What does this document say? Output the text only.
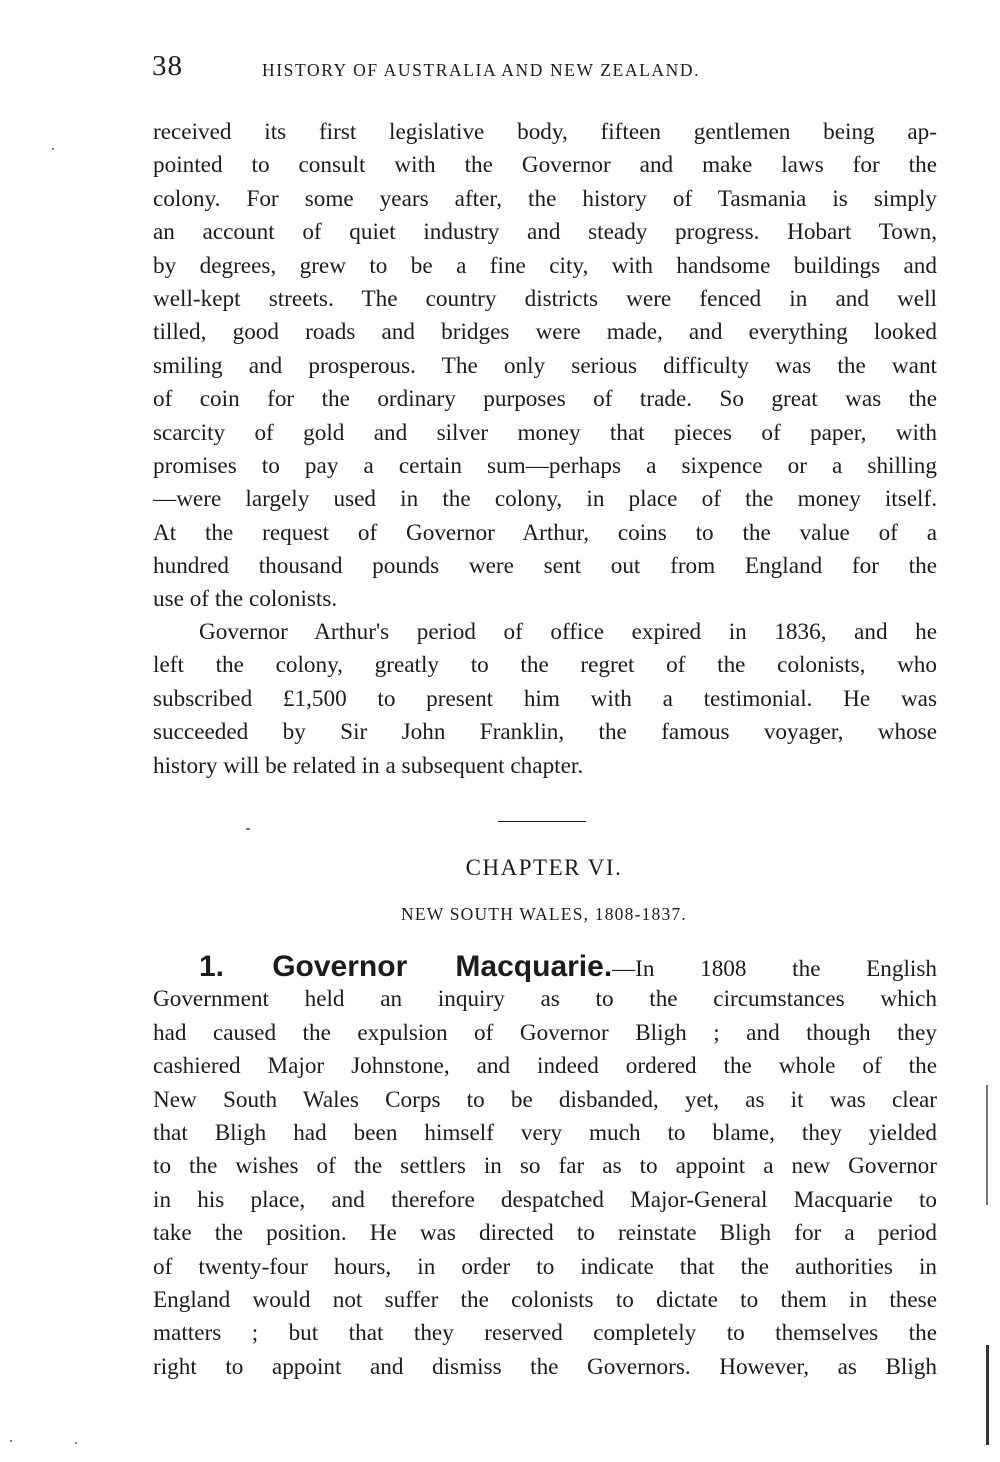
38	HISTORY OF AUSTRALIA AND NEW ZEALAND.
received its first legislative body, fifteen gentlemen being ap-
pointed to consult with the Governor and make laws for the
colony. For some years after, the history of Tasmania is simply
an account of quiet industry and steady progress. Hobart Town,
by degrees, grew to be a fine city, with handsome buildings and
well-kept streets. The country districts were fenced in and well
tilled, good roads and bridges were made, and everything looked
smiling and prosperous. The only serious difficulty was the want
of coin for the ordinary purposes of trade. So great was the
scarcity of gold and silver money that pieces of paper, with
promises to pay a certain sum—perhaps a sixpence or a shilling
—were largely used in the colony, in place of the money itself.
At the request of Governor Arthur, coins to the value of a
hundred thousand pounds were sent out from England for the
use of the colonists.
Governor Arthur's period of office expired in 1836, and he
left the colony, greatly to the regret of the colonists, who
subscribed £1,500 to present him with a testimonial. He was
succeeded by Sir John Franklin, the famous voyager, whose
history will be related in a subsequent chapter.
CHAPTER VI.
NEW SOUTH WALES, 1808-1837.
1. Governor Macquarie.—In 1808 the English
Government held an inquiry as to the circumstances which
had caused the expulsion of Governor Bligh ; and though they
cashiered Major Johnstone, and indeed ordered the whole of the
New South Wales Corps to be disbanded, yet, as it was clear
that Bligh had been himself very much to blame, they yielded
to the wishes of the settlers in so far as to appoint a new Governor
in his place, and therefore despatched Major-General Macquarie to
take the position. He was directed to reinstate Bligh for a period
of twenty-four hours, in order to indicate that the authorities in
England would not suffer the colonists to dictate to them in these
matters ; but that they reserved completely to themselves the
right to appoint and dismiss the Governors. However, as Bligh
